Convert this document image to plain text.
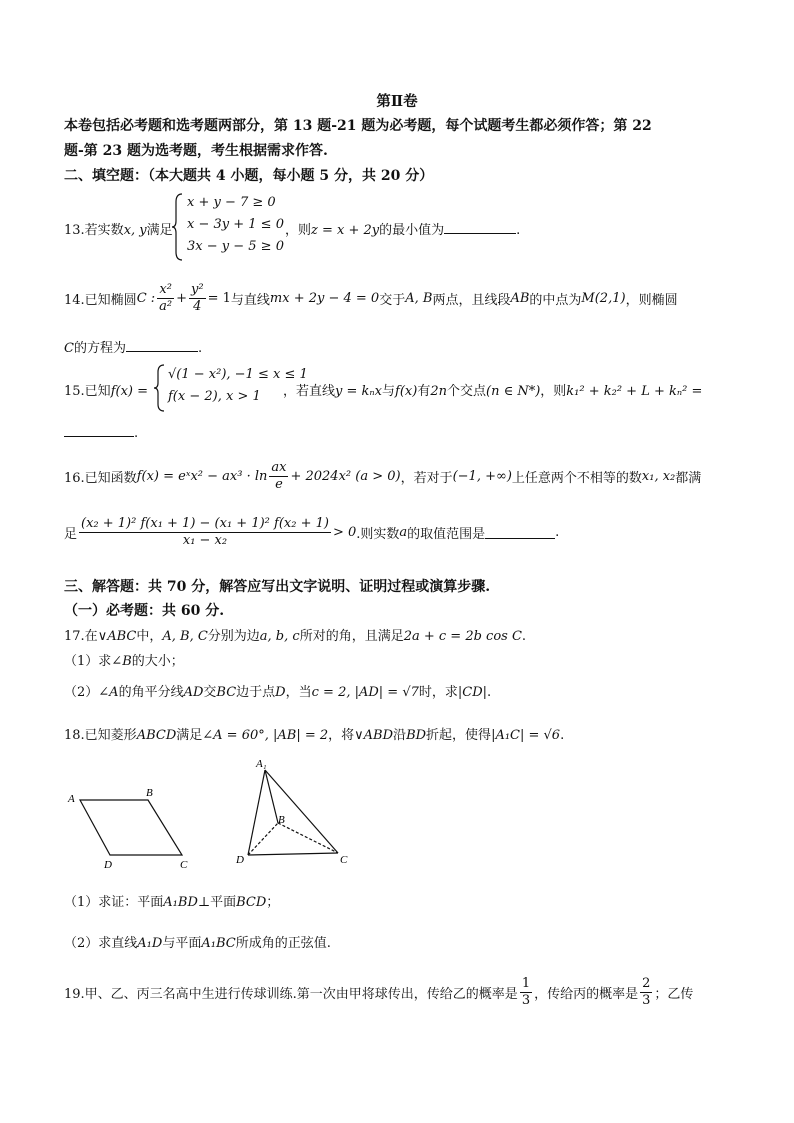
第Ⅱ卷
本卷包括必考题和选考题两部分，第 13 题-21 题为必考题，每个试题考生都必须作答；第 22
题-第 23 题为选考题，考生根据需求作答.
二、填空题：（本大题共 4 小题，每小题 5 分，共 20 分）
13.若实数x, y满足
x + y − 7 ≥ 0
x − 3y + 1 ≤ 0
3x − y − 5 ≥ 0
，则z = x + 2y的最小值为	.
14.已知椭圆 C : $\frac{\text{x²}}{\text{a²}} + \frac{\text{y²}}{4} = 1$ 与直线 mx + 2y − 4 = 0 交于 A, B 两点，且线段 AB 的中点为 M(2,1) ，则椭圆
C的方程为	.
15.已知f(x) =
√(1 − x²), −1 ≤ x ≤ 1
f(x − 2), x > 1	，若直线y = kₙx与f(x)有2n个交点(n ∈ N*)，则k₁² + k₂² + L + kₙ² =
.
16.已知函数 f(x) = eˣx² − $ax^3 \cdot \ln \frac{ax}{e} + 2024x^2$ (a > 0) ，若对于 (−1, +∞) 上任意两个不相等的数 x₁, x₂ 都满
足 $\frac{\text{(x₂ + 1)² f(x₁ + 1) − (x₁ + 1)² f(x₂ + 1)}}{\text{x₁ − x₂}} > 0$ .则实数 a 的取值范围是	.
三、解答题：共 70 分，解答应写出文字说明、证明过程或演算步骤.
（一）必考题：共 60 分.
17.在∨ABC中，A, B, C分别为边a, b, c所对的角，且满足2a + c = 2b cos C.
（1）求∠B的大小；
（2）∠A的角平分线AD交BC边于点D，当c = 2, |AD| = √7时，求|CD|.
18.已知菱形ABCD满足∠A = 60°, |AB| = 2，将∨ABD沿BD折起，使得|A₁C| = √6.
A	B
C
D
A₁
B
C
D
（1）求证：平面A₁BD⊥平面BCD；
（2）求直线A₁D与平面A₁BC所成角的正弦值.
19.甲、乙、丙三名高中生进行传球训练.第一次由甲将球传出，传给乙的概率是 $\frac{1}{3}$ ，传给丙的概率是 $\frac{2}{3}$ ；乙传
